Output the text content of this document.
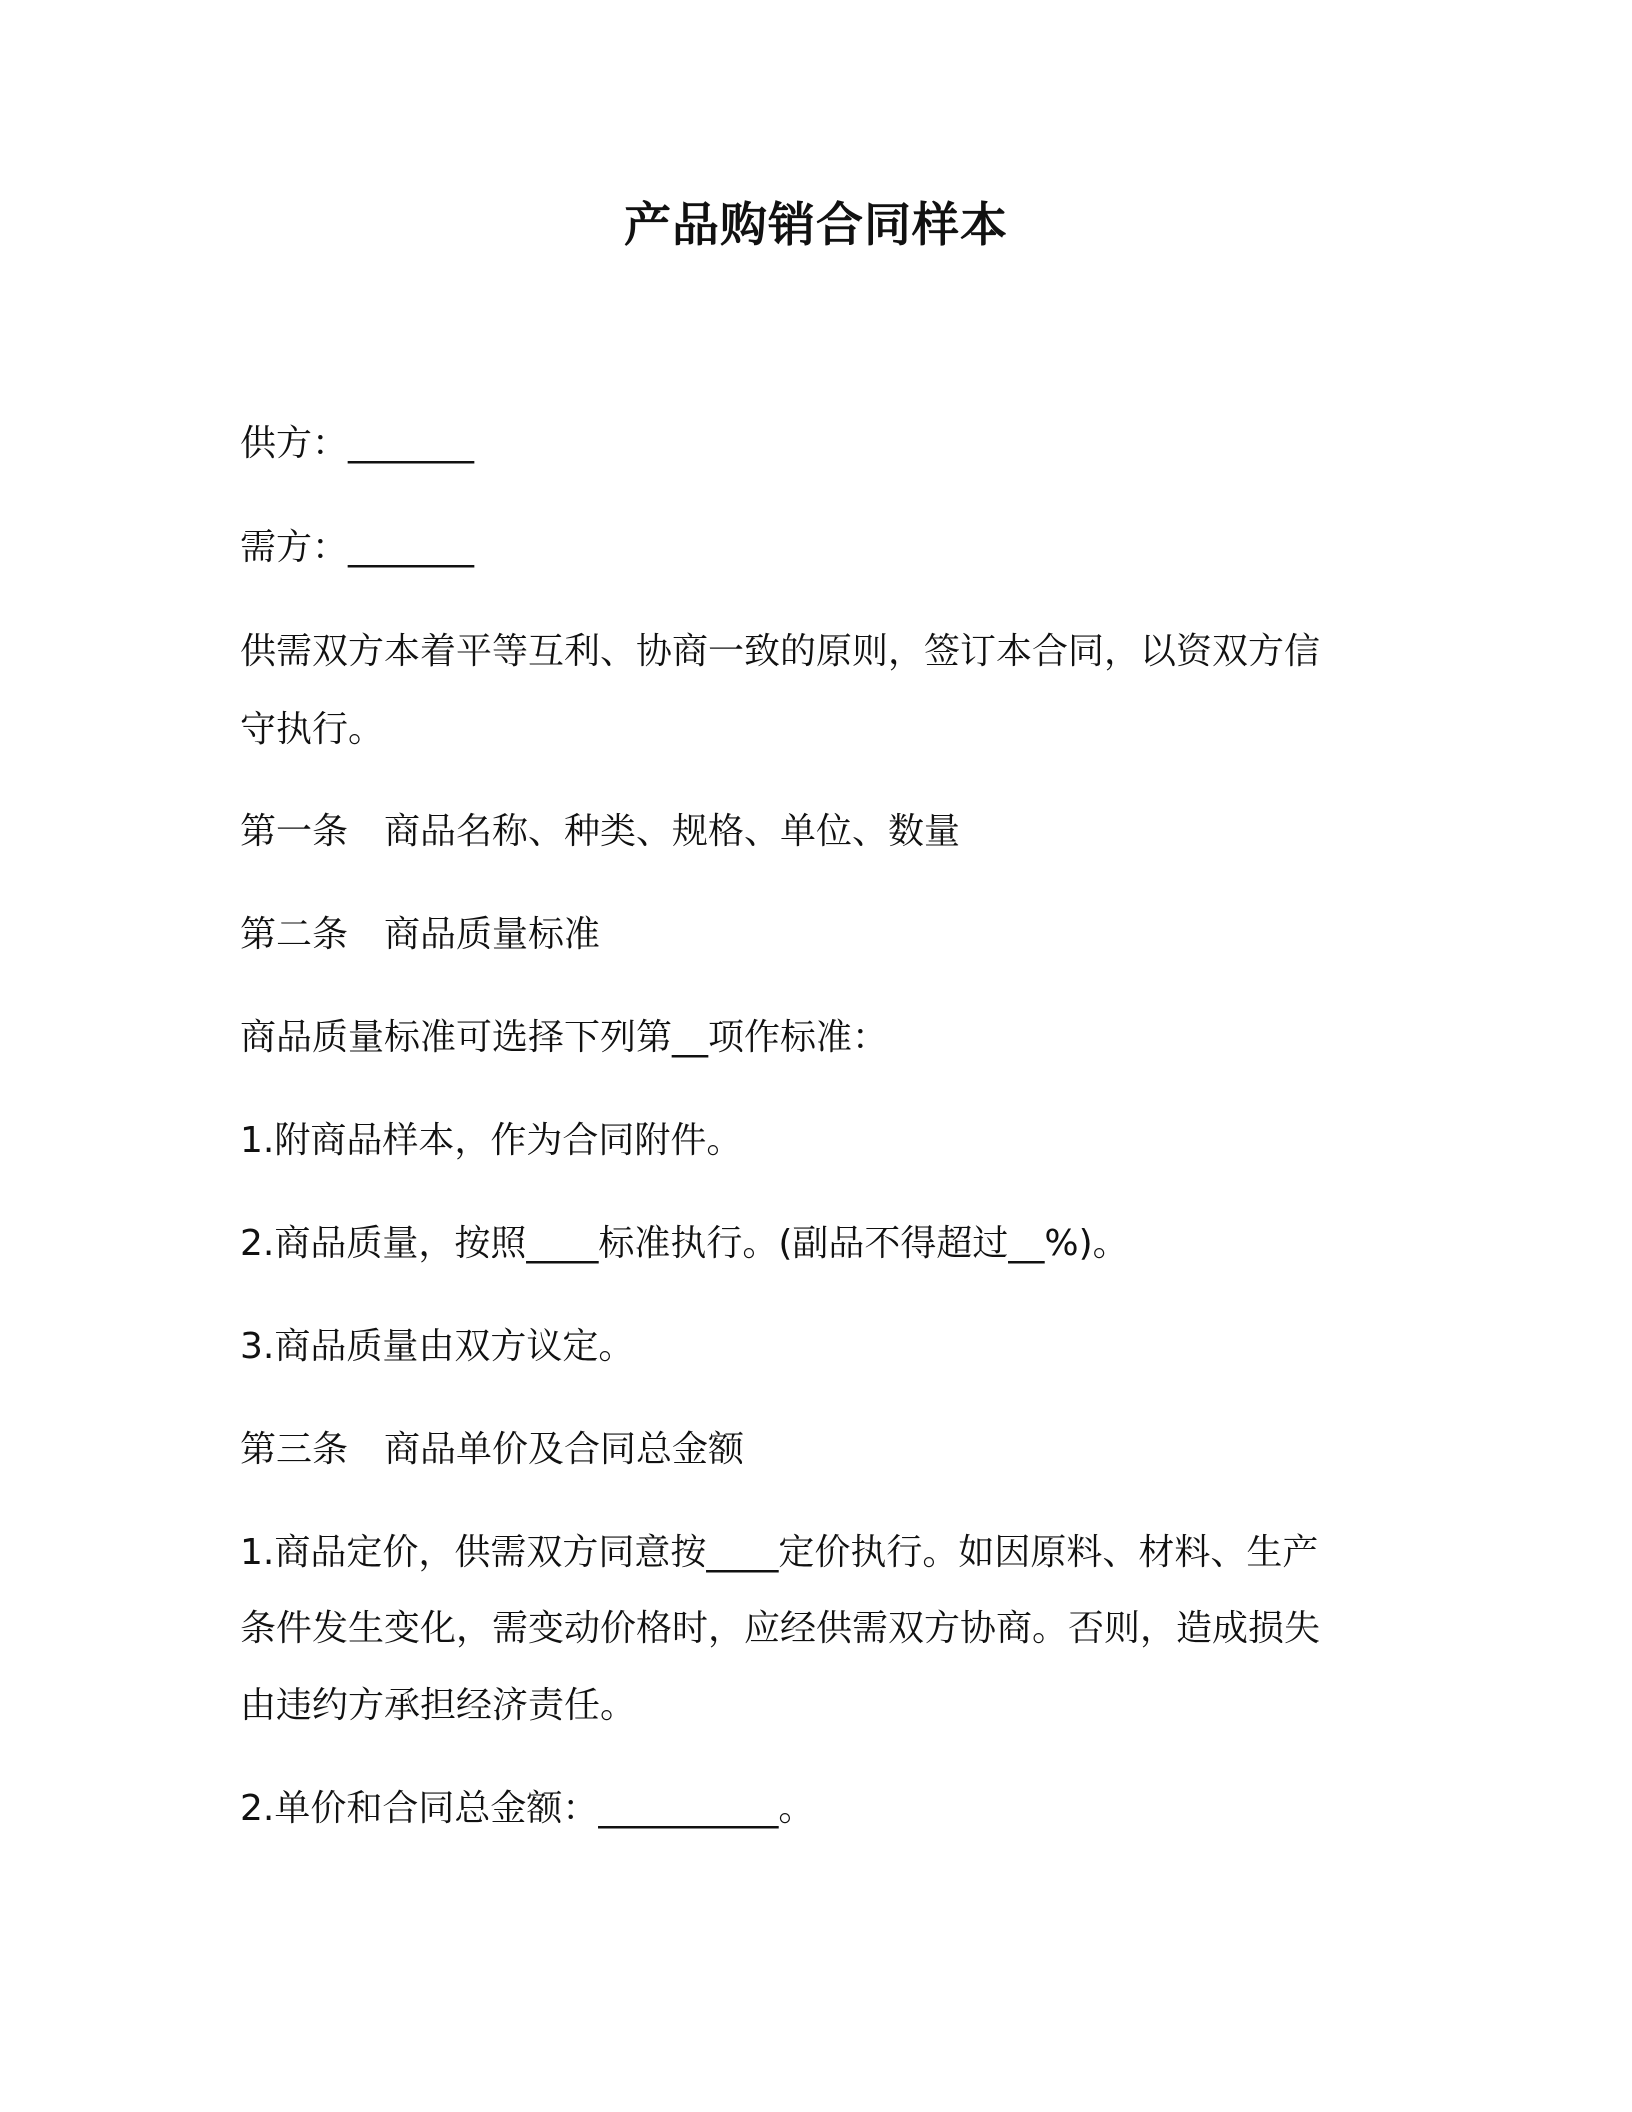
产品购销合同样本
供方：_______
需方：_______
供需双方本着平等互利、协商一致的原则，签订本合同，以资双方信
守执行。
第一条　商品名称、种类、规格、单位、数量
第二条　商品质量标准
商品质量标准可选择下列第__项作标准：
1.附商品样本，作为合同附件。
2.商品质量，按照____标准执行。(副品不得超过__%)。
3.商品质量由双方议定。
第三条　商品单价及合同总金额
1.商品定价，供需双方同意按____定价执行。如因原料、材料、生产
条件发生变化，需变动价格时，应经供需双方协商。否则，造成损失
由违约方承担经济责任。
2.单价和合同总金额：__________。
